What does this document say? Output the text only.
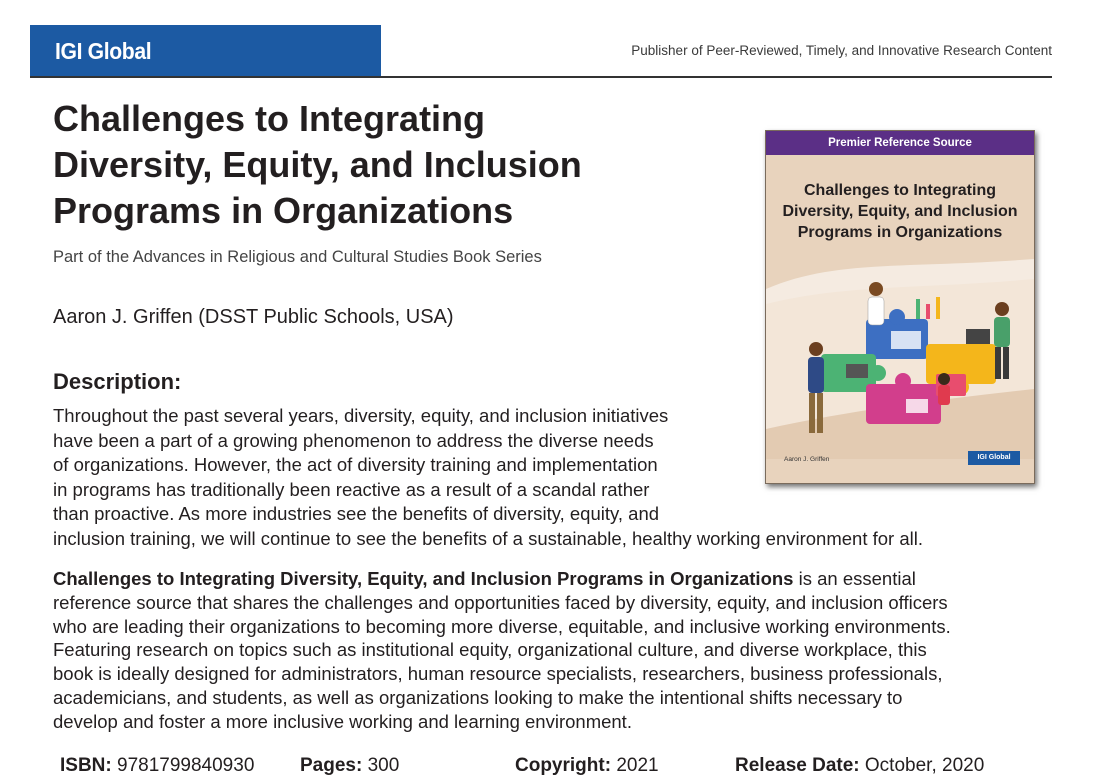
IGI Global	Publisher of Peer-Reviewed, Timely, and Innovative Research Content
Challenges to Integrating
Diversity, Equity, and Inclusion
Programs in Organizations
Part of the Advances in Religious and Cultural Studies Book Series
Aaron J. Griffen (DSST Public Schools, USA)
Description:
Throughout the past several years, diversity, equity, and inclusion initiatives
have been a part of a growing phenomenon to address the diverse needs
of organizations. However, the act of diversity training and implementation
in programs has traditionally been reactive as a result of a scandal rather
than proactive. As more industries see the benefits of diversity, equity, and
inclusion training, we will continue to see the benefits of a sustainable, healthy working environment for all.
Challenges to Integrating Diversity, Equity, and Inclusion Programs in Organizations is an essential
reference source that shares the challenges and opportunities faced by diversity, equity, and inclusion officers
who are leading their organizations to becoming more diverse, equitable, and inclusive working environments.
Featuring research on topics such as institutional equity, organizational culture, and diverse workplace, this
book is ideally designed for administrators, human resource specialists, researchers, business professionals,
academicians, and students, as well as organizations looking to make the intentional shifts necessary to
develop and foster a more inclusive working and learning environment.
ISBN: 9781799840930 Pages: 300	Copyright: 2021	Release Date: October, 2020
Premier Reference Source
Challenges to Integrating
Diversity, Equity, and Inclusion
Programs in Organizations
Aaron J. Griffen	IGI Global
